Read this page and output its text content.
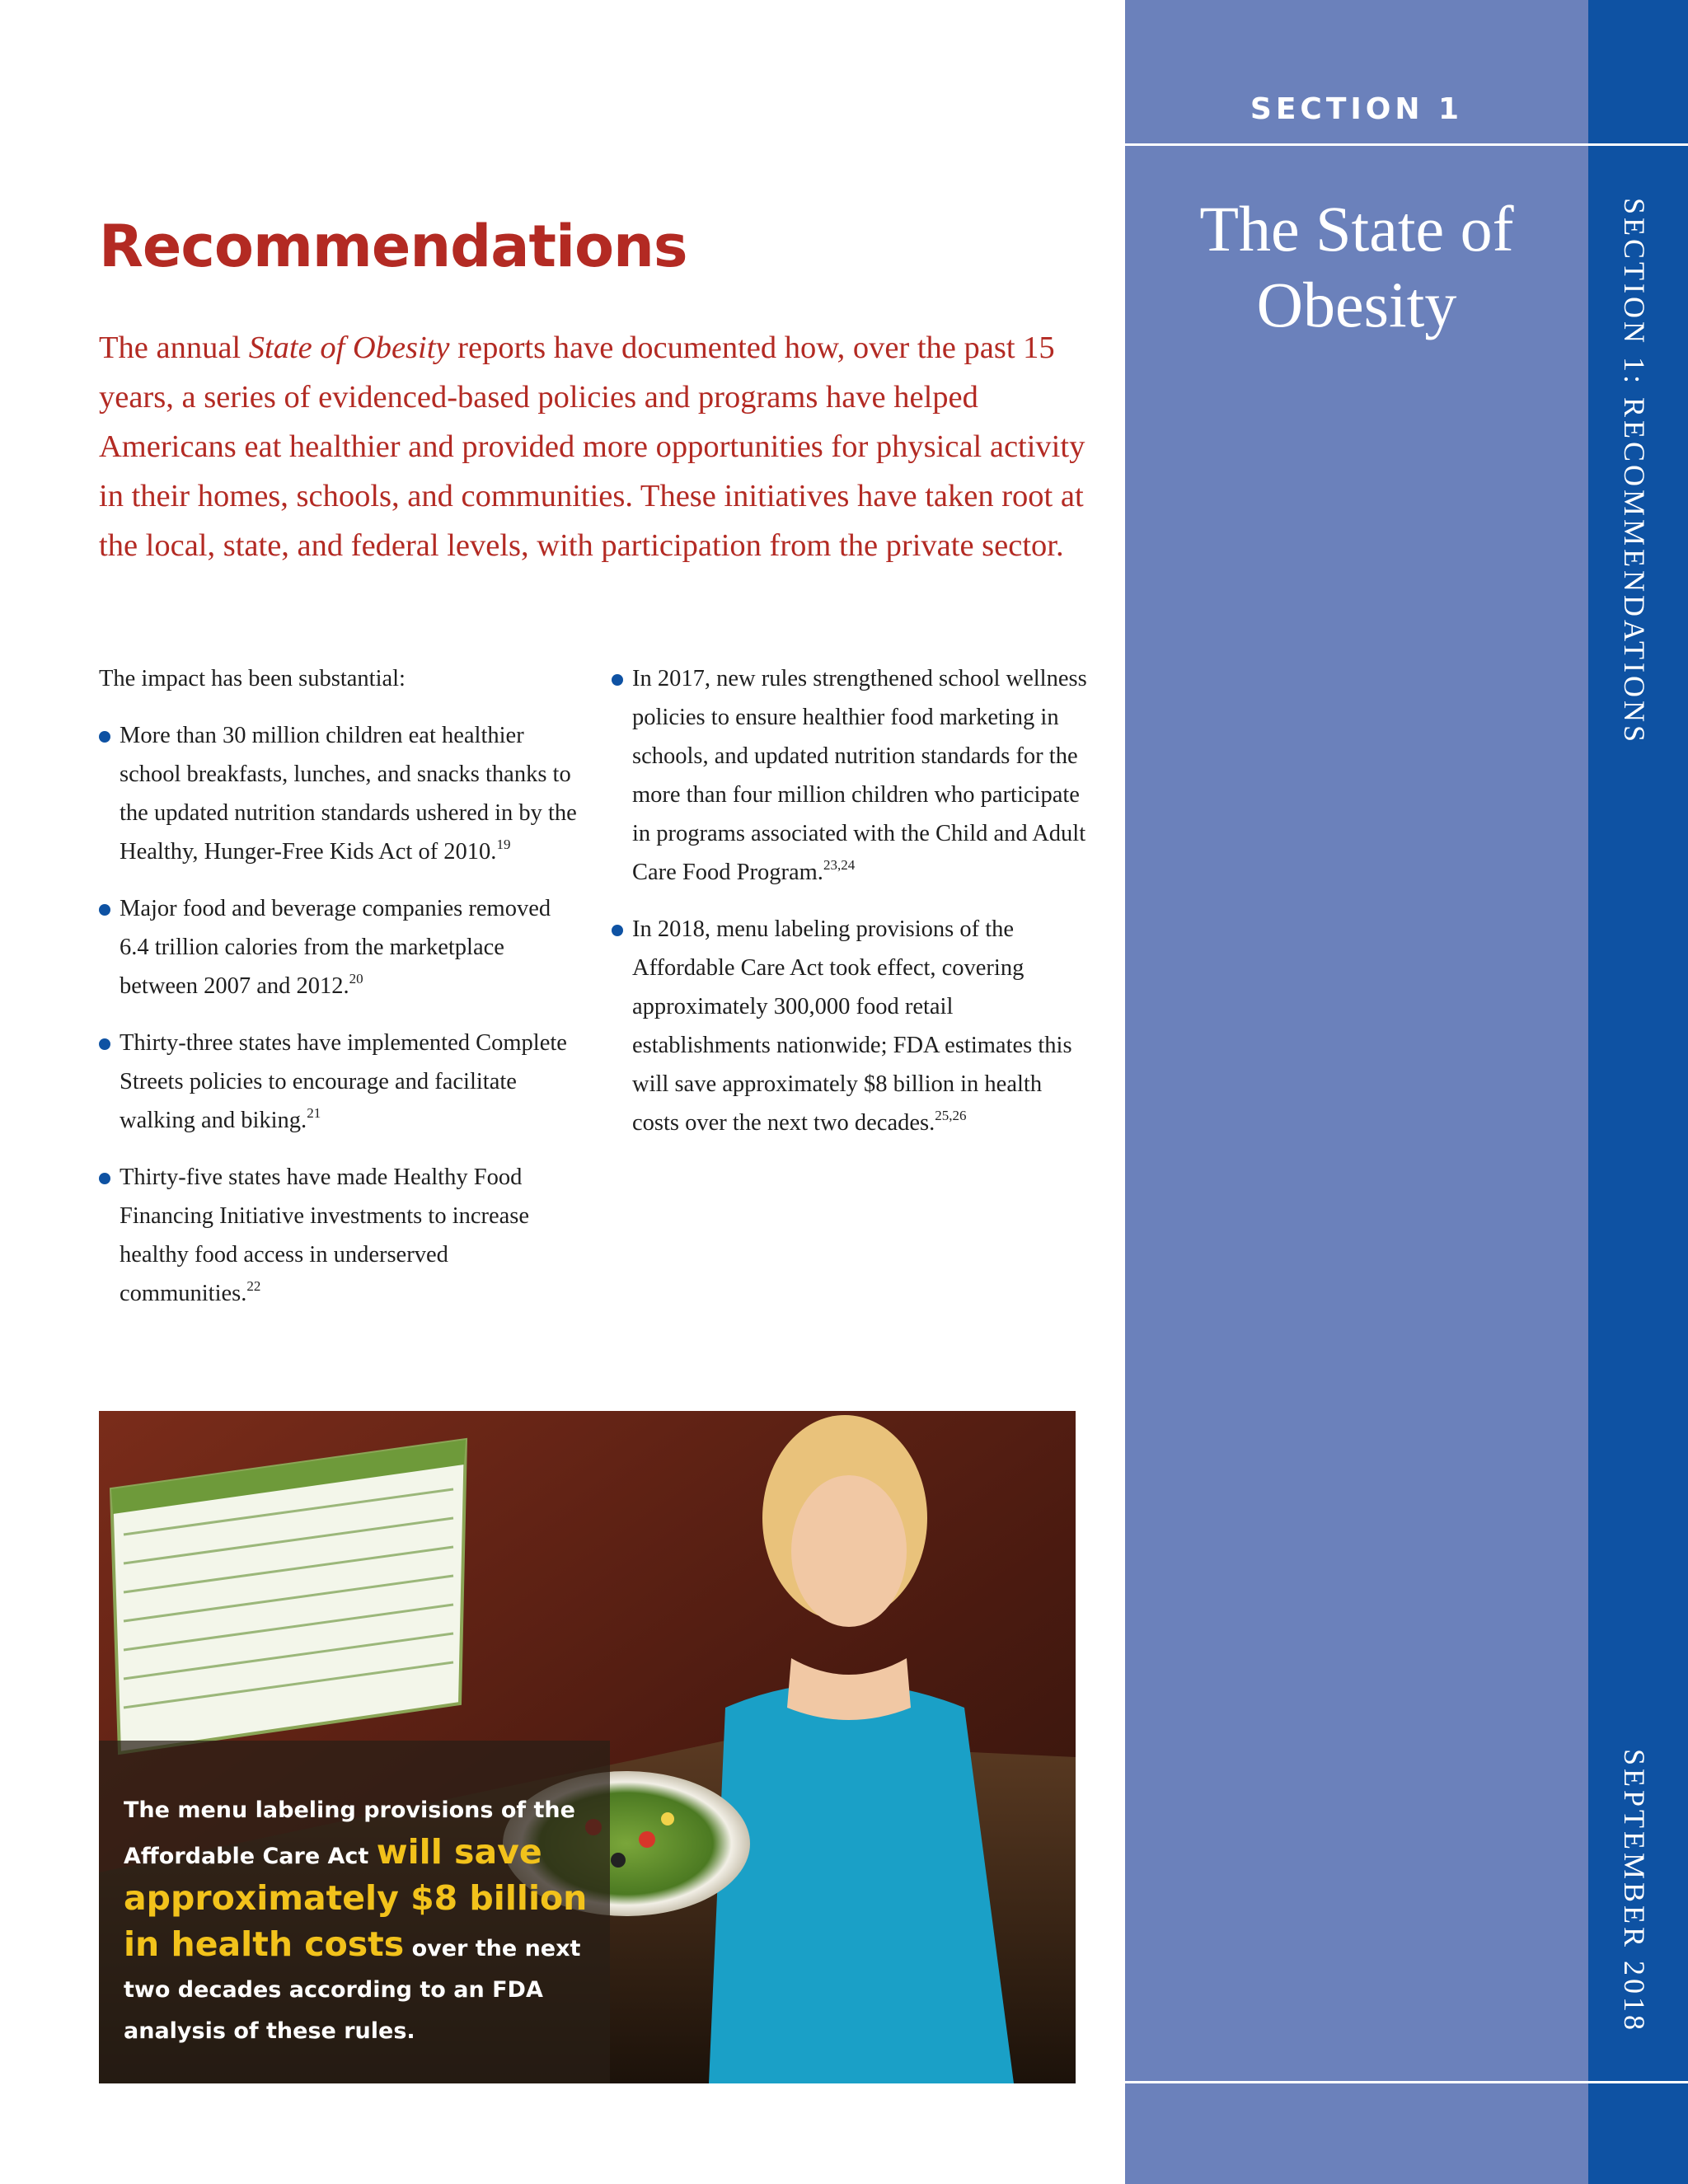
SECTION 1
The State of
Obesity	SECTION 1: RECOMMENDATIONS
SEPTEMBER 2018
Recommendations

The annual State of Obesity reports have documented how, over the past 15 years, a series of evidenced-based policies and programs have helped Americans eat healthier and provided more opportunities for physical activity in their homes, schools, and communities. These initiatives have taken root at the local, state, and federal levels, with participation from the private sector.

The impact has been substantial:

More than 30 million children eat healthier school breakfasts, lunches, and snacks thanks to the updated nutrition standards ushered in by the Healthy, Hunger-Free Kids Act of 2010.19
Major food and beverage companies removed 6.4 trillion calories from the marketplace between 2007 and 2012.20
Thirty-three states have implemented Complete Streets policies to encourage and facilitate walking and biking.$^{21}$
Thirty-five states have made Healthy Food Financing Initiative investments to increase healthy food access in underserved communities.$^{22}$
In 2017, new rules strengthened school wellness policies to ensure healthier food marketing in schools, and updated nutrition standards for the more than four million children who participate in programs associated with the Child and Adult Care Food Program.$^{23,24}$
In 2018, menu labeling provisions of the Affordable Care Act took effect, covering approximately 300,000 food retail establishments nationwide; FDA estimates this will save approximately $8 billion in health costs over the next two decades.$^{25,26}$

The menu labeling provisions of the Affordable Care Act will save approximately $8 billion in health costs over the next two decades according to an FDA analysis of these rules.
